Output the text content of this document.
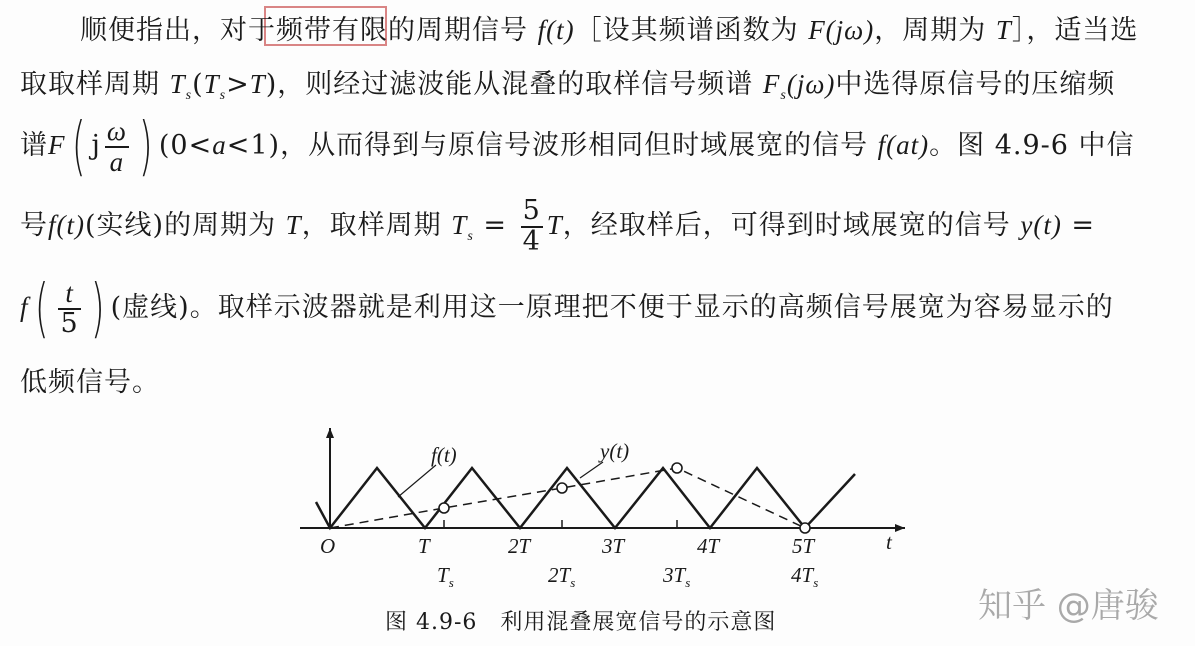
顺便指出，对于频带有限的周期信号 f(t)［设其频谱函数为 F(jω)，周期为 T］，适当选
取取样周期 $T_s(T_s>T)$，则经过滤波能从混叠的取样信号频谱 $F_s(j\omega)$中选得原信号的压缩频
谱F( j $\frac{\omega}{a}$ ) (0<a<1)，从而得到与原信号波形相同但时域展宽的信号 f(at)。图 4.9-6 中信
号f(t)(实线)的周期为 T，取样周期 $T_s = \frac{5}{4}$ T，经取样后，可得到时域展宽的信号 y(t) =
$f( \frac{t}{5}$ ) (虚线)。取样示波器就是利用这一原理把不便于显示的高频信号展宽为容易显示的
低频信号。
f(t)	y(t)
t
O	T	2T	3T	4T	5T
$T_s$	$2T_s$	$3T_s$	$4T_s$
图 4.9-6　利用混叠展宽信号的示意图	知乎 @唐骏
